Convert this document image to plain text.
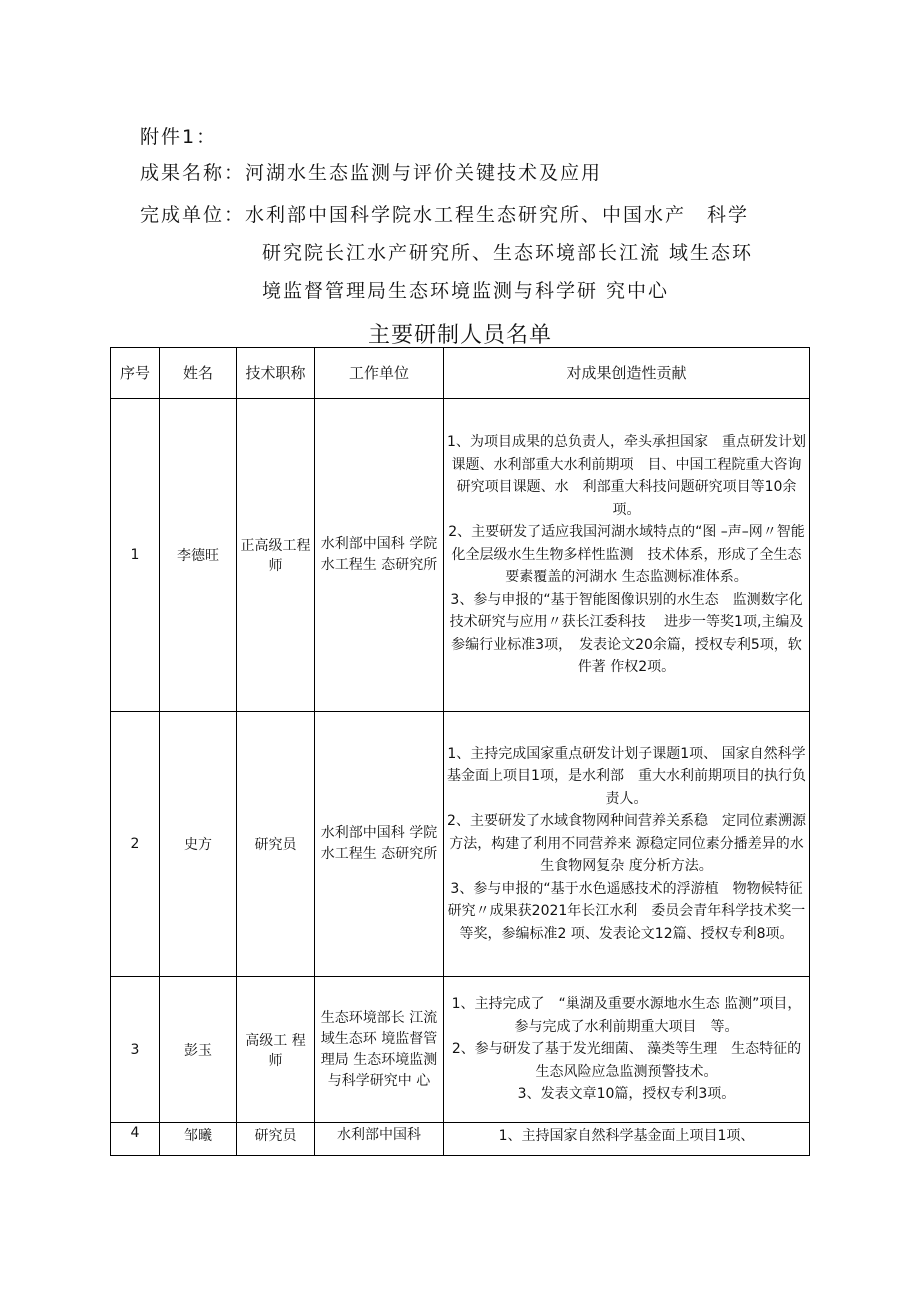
附件1：
成果名称：河湖水生态监测与评价关键技术及应用
完成单位：水利部中国科学院水工程生态研究所、中国水产　科学
研究院长江水产研究所、生态环境部长江流 域生态环
境监督管理局生态环境监测与科学研 究中心
主要研制人员名单
序号	姓名	技术职称	工作单位	对成果创造性贡献
1	李德旺	正高级工程师	水利部中国科 学院水工程生 态研究所	1、为项目成果的总负责人，牵头承担国家　重点研发计划课题、水利部重大水利前期项　目、中国工程院重大咨询研究项目课题、水　利部重大科技问题研究项目等10余项。

2、主要研发了适应我国河湖水域特点的“图 –声–网〃智能化全层级水生生物多样性监测　技术体系，形成了全生态要素覆盖的河湖水 生态监测标准体系。

3、参与申报的“基于智能图像识别的水生态　监测数字化技术研究与应用〃获长江委科技　 进步一等奖1项,主编及参编行业标准3项，　发表论文20余篇，授权专利5项，软件著 作权2项。

2	史方	研究员	水利部中国科 学院水工程生 态研究所	1、主持完成国家重点研发计划子课题1项、 国家自然科学基金面上项目1项，是水利部　重大水利前期项目的执行负责人。

2、主要研发了水域食物网种间营养关系稳　定同位素溯源方法，构建了利用不同营养来 源稳定同位素分播差异的水生食物网复杂 度分析方法。

3、参与申报的“基于水色遥感技术的浮游植　物物候特征研究〃成果获2021年长江水利　委员会青年科学技术奖一等奖，参编标准2 项、发表论文12篇、授权专利8项。

3	彭玉	高级工 程师	生态环境部长 江流域生态环 境监督管理局 生态环境监测 与科学研究中 心	1、主持完成了　“巢湖及重要水源地水生态 监测”项目，参与完成了水利前期重大项目　等。

2、参与研发了基于发光细菌、 藻类等生理　生态特征的生态风险应急监测预警技术。

3、发表文章10篇，授权专利3项。

4	邹曦	研究员	水利部中国科	1、主持国家自然科学基金面上项目1项、
